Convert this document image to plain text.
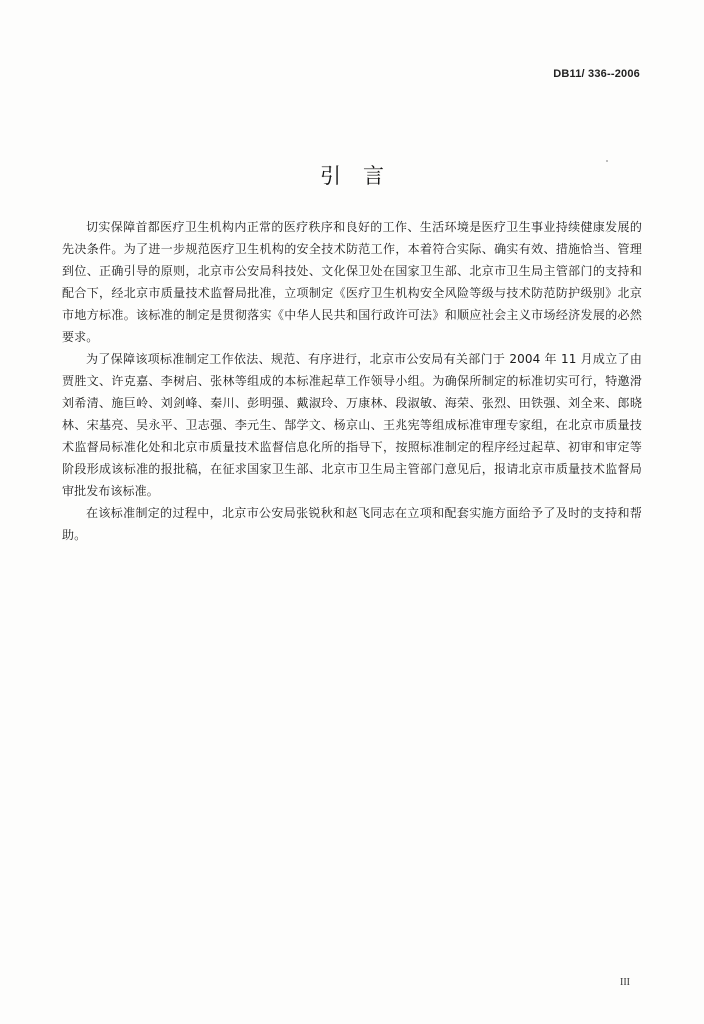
DB11/ 336--2006
引言

切实保障首都医疗卫生机构内正常的医疗秩序和良好的工作、生活环境是医疗卫生事业持续健康发展的先决条件。为了进一步规范医疗卫生机构的安全技术防范工作，本着符合实际、确实有效、措施恰当、管理到位、正确引导的原则，北京市公安局科技处、文化保卫处在国家卫生部、北京市卫生局主管部门的支持和配合下，经北京市质量技术监督局批准，立项制定《医疗卫生机构安全风险等级与技术防范防护级别》北京市地方标准。该标准的制定是贯彻落实《中华人民共和国行政许可法》和顺应社会主义市场经济发展的必然要求。

为了保障该项标准制定工作依法、规范、有序进行，北京市公安局有关部门于 2004 年 11 月成立了由贾胜文、许克嘉、李树启、张林等组成的本标准起草工作领导小组。为确保所制定的标准切实可行，特邀滑刘希清、施巨岭、刘剑峰、秦川、彭明强、戴淑玲、万康林、段淑敏、海荣、张烈、田铁强、刘全来、郎晓林、宋基亮、吴永平、卫志强、李元生、郜学文、杨京山、王兆宪等组成标准审理专家组，在北京市质量技术监督局标准化处和北京市质量技术监督信息化所的指导下，按照标准制定的程序经过起草、初审和审定等阶段形成该标准的报批稿，在征求国家卫生部、北京市卫生局主管部门意见后，报请北京市质量技术监督局审批发布该标准。

在该标准制定的过程中，北京市公安局张锐秋和赵飞同志在立项和配套实施方面给予了及时的支持和帮助。

III
